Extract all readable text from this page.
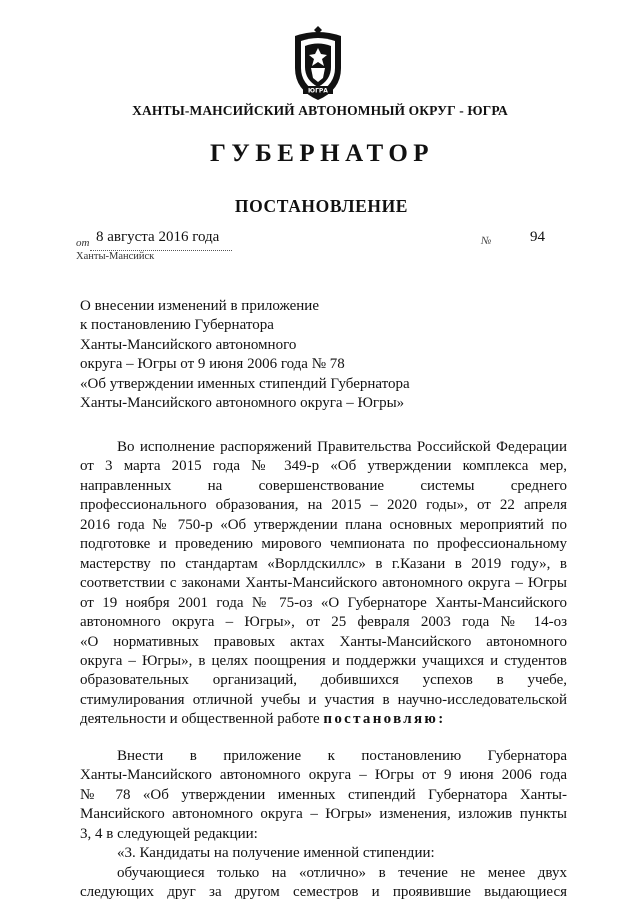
ЮГРА
ХАНТЫ-МАНСИЙСКИЙ АВТОНОМНЫЙ ОКРУГ - ЮГРА
ГУБЕРНАТОР
ПОСТАНОВЛЕНИЕ
от 8 августа 2016 года	№	94
Ханты-Мансийск
О внесении изменений в приложение
к постановлению Губернатора
Ханты-Мансийского автономного
округа – Югры от 9 июня 2006 года № 78
«Об утверждении именных стипендий Губернатора
Ханты-Мансийского автономного округа – Югры»
Во исполнение распоряжений Правительства Российской Федерации
от 3 марта 2015 года № 349-р «Об утверждении комплекса мер,
направленных на совершенствование системы среднего
профессионального образования, на 2015 – 2020 годы», от 22 апреля
2016 года № 750-р «Об утверждении плана основных мероприятий по
подготовке и проведению мирового чемпионата по профессиональному
мастерству по стандартам «Ворлдскиллс» в г.Казани в 2019 году», в
соответствии с законами Ханты-Мансийского автономного округа – Югры
от 19 ноября 2001 года № 75-оз «О Губернаторе Ханты-Мансийского
автономного округа – Югры», от 25 февраля 2003 года № 14-оз
«О нормативных правовых актах Ханты-Мансийского автономного
округа – Югры», в целях поощрения и поддержки учащихся и студентов
образовательных организаций, добившихся успехов в учебе,
стимулирования отличной учебы и участия в научно-исследовательской
деятельности и общественной работе постановляю:
Внести в приложение к постановлению Губернатора
Ханты-Мансийского автономного округа – Югры от 9 июня 2006 года
№ 78 «Об утверждении именных стипендий Губернатора Ханты-
Мансийского автономного округа – Югры» изменения, изложив пункты
3, 4 в следующей редакции:
«3. Кандидаты на получение именной стипендии:
обучающиеся только на «отлично» в течение не менее двух
следующих друг за другом семестров и проявившие выдающиеся
